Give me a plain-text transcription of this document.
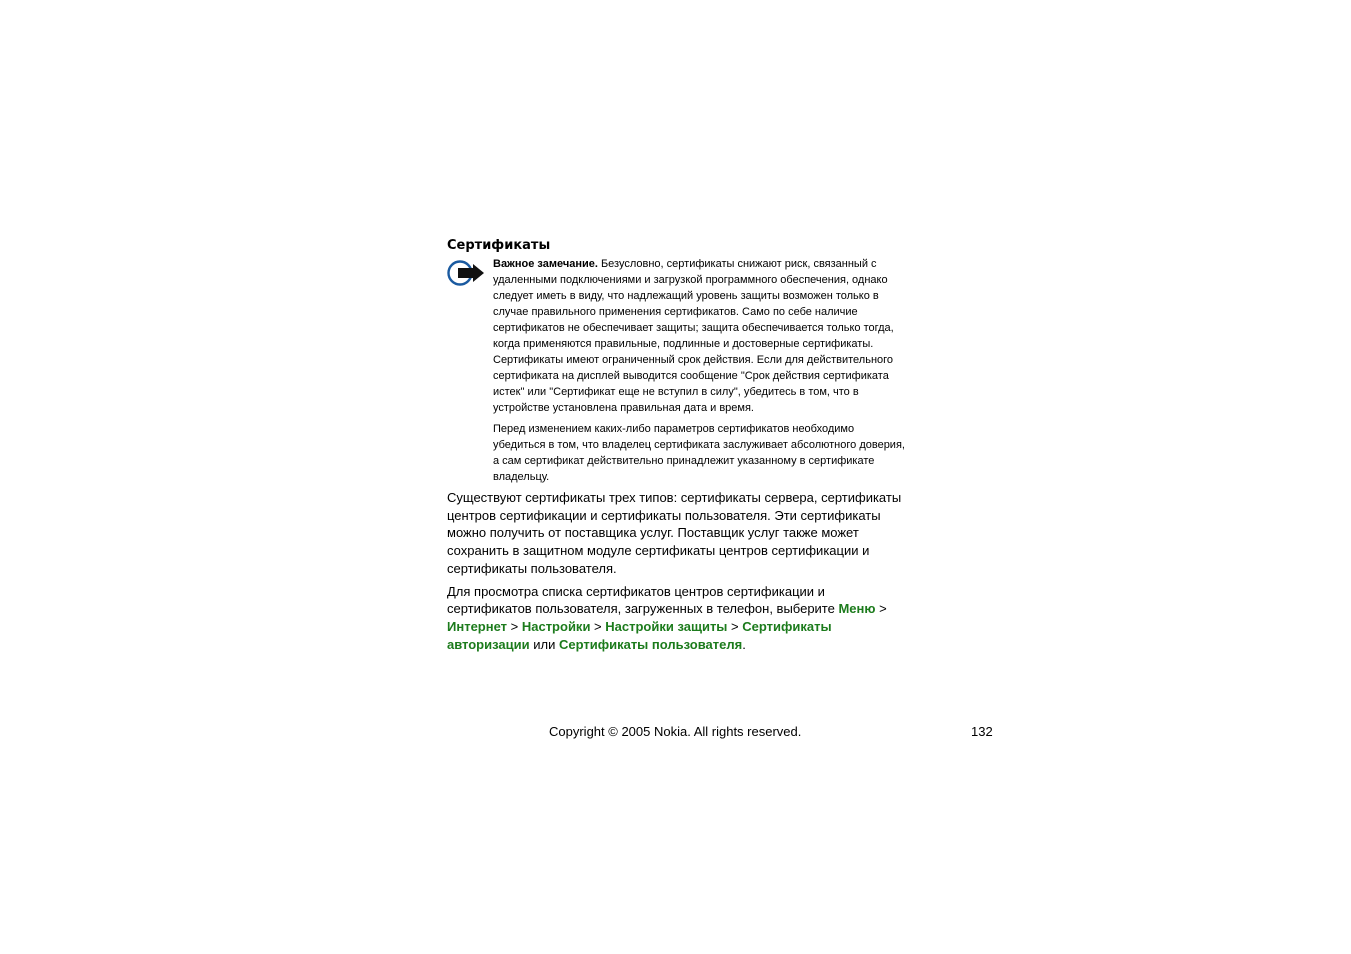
Сертификаты

Важное замечание. Безусловно, сертификаты снижают риск, связанный с удаленными подключениями и загрузкой программного обеспечения, однако следует иметь в виду, что надлежащий уровень защиты возможен только в случае правильного применения сертификатов. Само по себе наличие сертификатов не обеспечивает защиты; защита обеспечивается только тогда, когда применяются правильные, подлинные и достоверные сертификаты. Сертификаты имеют ограниченный срок действия. Если для действительного сертификата на дисплей выводится сообщение "Срок действия сертификата истек" или "Сертификат еще не вступил в силу", убедитесь в том, что в устройстве установлена правильная дата и время.

Перед изменением каких-либо параметров сертификатов необходимо убедиться в том, что владелец сертификата заслуживает абсолютного доверия, а сам сертификат действительно принадлежит указанному в сертификате владельцу.

Существуют сертификаты трех типов: сертификаты сервера, сертификаты центров сертификации и сертификаты пользователя. Эти сертификаты можно получить от поставщика услуг. Поставщик услуг также может сохранить в защитном модуле сертификаты центров сертификации и сертификаты пользователя.

Для просмотра списка сертификатов центров сертификации и сертификатов пользователя, загруженных в телефон, выберите Меню > Интернет > Настройки > Настройки защиты > Сертификаты авторизации или Сертификаты пользователя.

Copyright © 2005 Nokia. All rights reserved.	132
